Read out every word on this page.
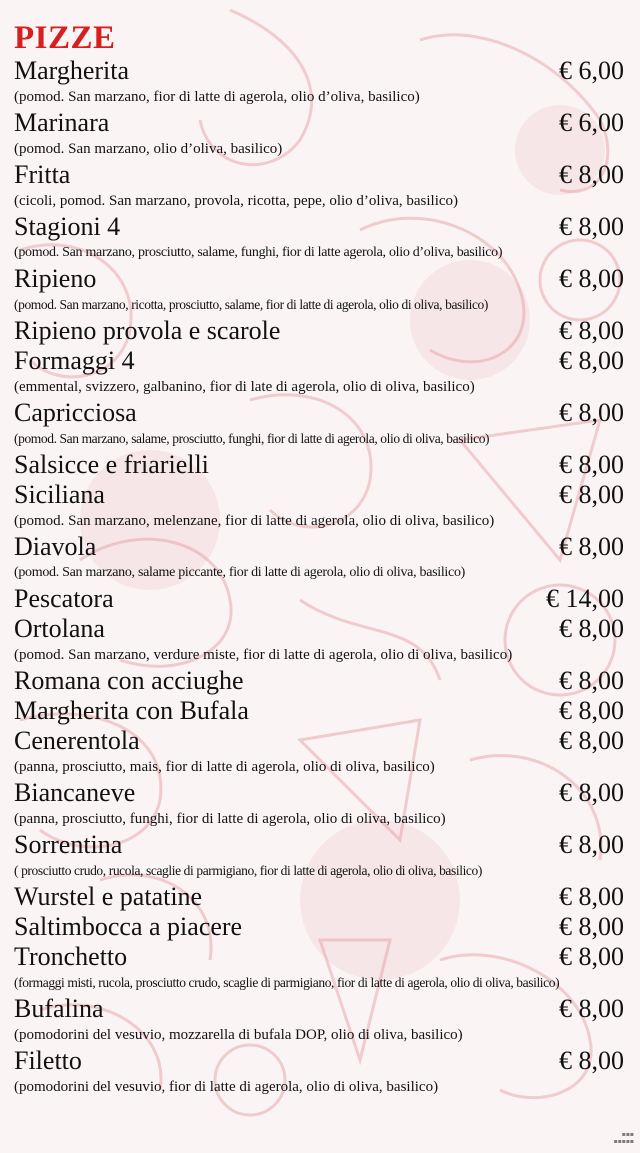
PIZZE
Margherita	€ 6,00
(pomod. San marzano, fior di latte di agerola, olio d’oliva, basilico)
Marinara	€ 6,00
(pomod. San marzano, olio d’oliva, basilico)
Fritta	€ 8,00
(cicoli, pomod. San marzano, provola, ricotta, pepe, olio d’oliva, basilico)
Stagioni 4	€ 8,00
(pomod. San marzano, prosciutto, salame, funghi, fior di latte agerola, olio d’oliva, basilico)
Ripieno	€ 8,00
(pomod. San marzano, ricotta, prosciutto, salame, fior di latte di agerola, olio di oliva, basilico)
Ripieno provola e scarole	€ 8,00
Formaggi 4	€ 8,00
(emmental, svizzero, galbanino, fior di late di agerola, olio di oliva, basilico)
Capricciosa	€ 8,00
(pomod. San marzano, salame, prosciutto, funghi, fior di latte di agerola, olio di oliva, basilico)
Salsicce e friarielli	€ 8,00
Siciliana	€ 8,00
(pomod. San marzano, melenzane, fior di latte di agerola, olio di oliva, basilico)
Diavola	€ 8,00
(pomod. San marzano, salame piccante, fior di latte di agerola, olio di oliva, basilico)
Pescatora	€ 14,00
Ortolana	€ 8,00
(pomod. San marzano, verdure miste, fior di latte di agerola, olio di oliva, basilico)
Romana con acciughe	€ 8,00
Margherita con Bufala	€ 8,00
Cenerentola	€ 8,00
(panna, prosciutto, mais, fior di latte di agerola, olio di oliva, basilico)
Biancaneve	€ 8,00
(panna, prosciutto, funghi, fior di latte di agerola, olio di oliva, basilico)
Sorrentina	€ 8,00
( prosciutto crudo, rucola, scaglie di parmigiano, fior di latte di agerola, olio di oliva, basilico)
Wurstel e patatine	€ 8,00
Saltimbocca a piacere	€ 8,00
Tronchetto	€ 8,00
(formaggi misti, rucola, prosciutto crudo, scaglie di parmigiano, fior di latte di agerola, olio di oliva, basilico)
Bufalina	€ 8,00
(pomodorini del vesuvio, mozzarella di bufala DOP, olio di oliva, basilico)
Filetto	€ 8,00
(pomodorini del vesuvio, fior di latte di agerola, olio di oliva, basilico)
▪▪▪
▪▪▪▪▪
